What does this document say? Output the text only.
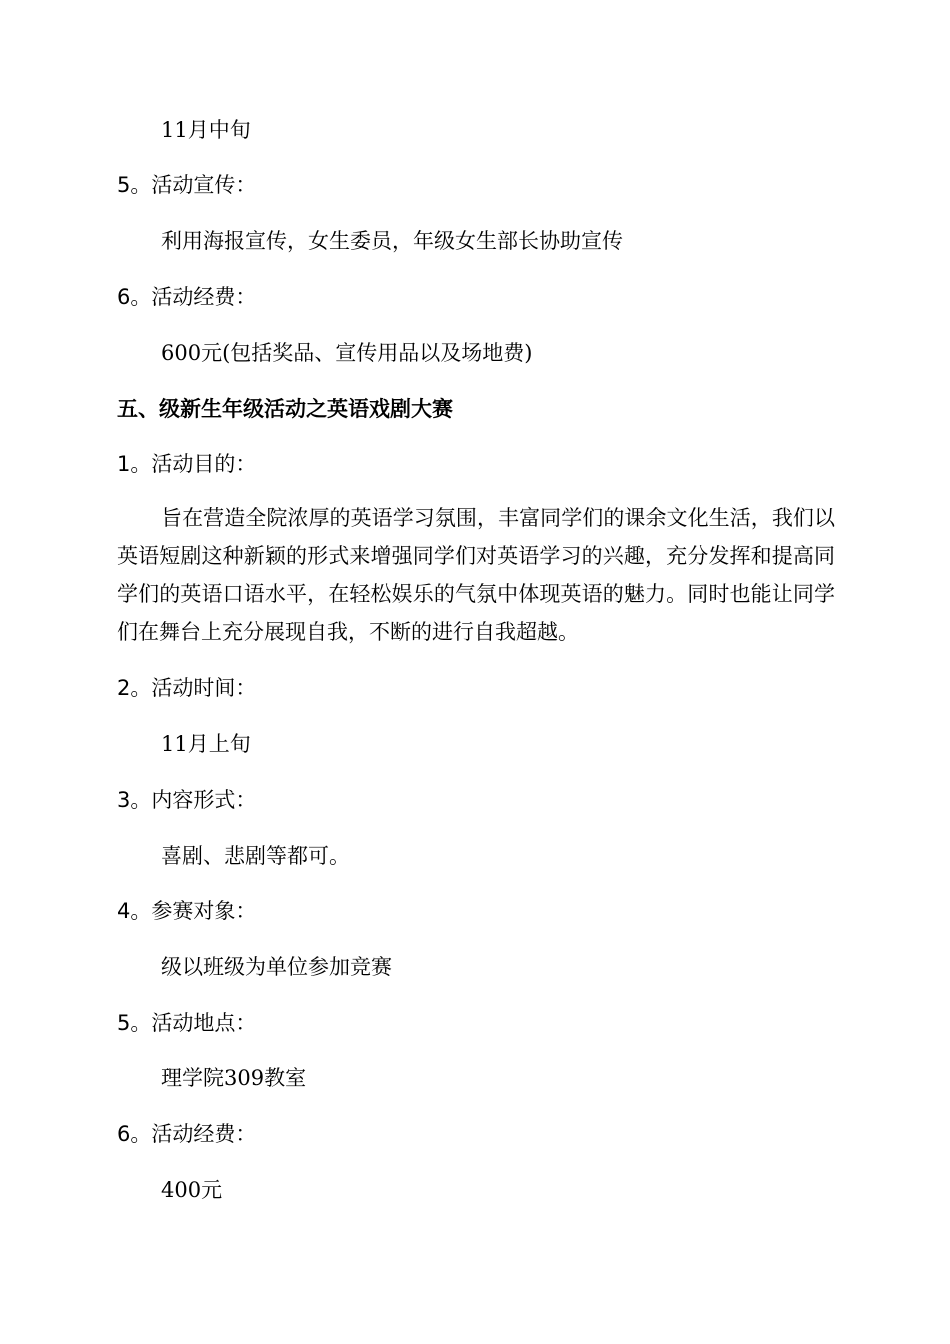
11月中旬
5。活动宣传：
利用海报宣传，女生委员，年级女生部长协助宣传
6。活动经费：
600元(包括奖品、宣传用品以及场地费)
五、级新生年级活动之英语戏剧大赛
1。活动目的：
旨在营造全院浓厚的英语学习氛围，丰富同学们的课余文化生活，我们以英语短剧这种新颖的形式来增强同学们对英语学习的兴趣，充分发挥和提高同学们的英语口语水平，在轻松娱乐的气氛中体现英语的魅力。同时也能让同学们在舞台上充分展现自我，不断的进行自我超越。
2。活动时间：
11月上旬
3。内容形式：
喜剧、悲剧等都可。
4。参赛对象：
级以班级为单位参加竞赛
5。活动地点：
理学院309教室
6。活动经费：
400元
